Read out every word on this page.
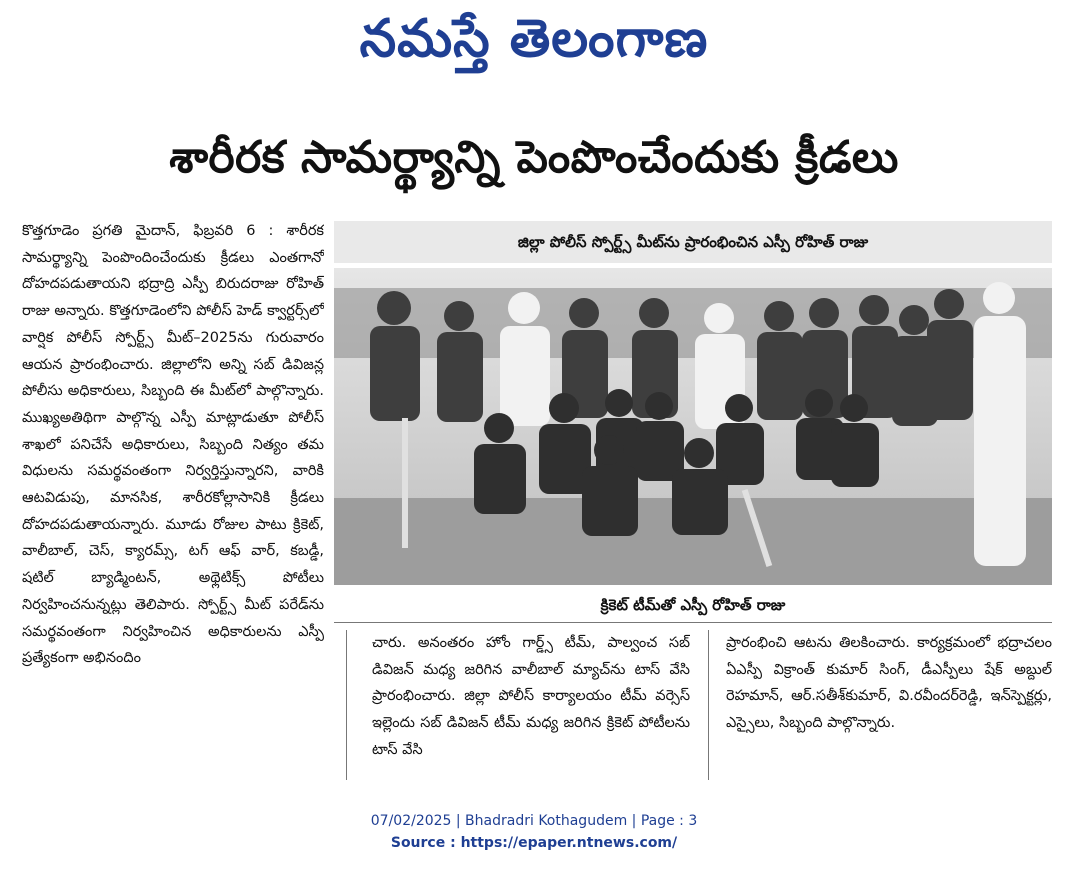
నమస్తే తెలంగాణ
శారీరక సామర్థ్యాన్ని పెంపొంచేందుకు క్రీడలు

కొత్తగూడెం ప్రగతి మైదాన్, ఫిబ్రవరి 6 : శారీరక సామర్థ్యాన్ని పెంపొందించేందుకు క్రీడలు ఎంతగానో దోహదపడుతాయని భద్రాద్రి ఎస్పీ బిరుదరాజు రోహిత్ రాజు అన్నారు. కొత్తగూడెంలోని పోలీస్ హెడ్ క్వార్టర్స్‌లో వార్షిక పోలీస్ స్పోర్ట్స్ మీట్–2025ను గురువారం ఆయన ప్రారంభించారు. జిల్లాలోని అన్ని సబ్ డివిజన్ల పోలీసు అధికారులు, సిబ్బంది ఈ మీట్‌లో పాల్గొన్నారు. ముఖ్యఅతిథిగా పాల్గొన్న ఎస్పీ మాట్లాడుతూ పోలీస్ శాఖలో పనిచేసే అధికారులు, సిబ్బంది నిత్యం తమ విధులను సమర్థవంతంగా నిర్వర్తిస్తున్నారని, వారికి ఆటవిడుపు, మానసిక, శారీరకోల్లాసానికి క్రీడలు దోహదపడుతాయన్నారు. మూడు రోజుల పాటు క్రికెట్, వాలీబాల్, చెస్, క్యారమ్స్, టగ్ ఆఫ్ వార్, కబడ్డీ, షటిల్ బ్యాడ్మింటన్, అథ్లెటిక్స్ పోటీలు నిర్వహించనున్నట్లు తెలిపారు. స్పోర్ట్స్ మీట్ పరేడ్‌ను సమర్థవంతంగా నిర్వహించిన అధికారులను ఎస్పీ ప్రత్యేకంగా అభినందిం

జిల్లా పోలీస్ స్పోర్ట్స్ మీట్‌ను ప్రారంభించిన ఎస్పీ రోహిత్ రాజు
క్రికెట్ టీమ్‌తో ఎస్పీ రోహిత్ రాజు

చారు. అనంతరం హోం గార్డ్స్ టీమ్, పాల్వంచ సబ్ డివిజన్ మధ్య జరిగిన వాలీబాల్ మ్యాచ్‌ను టాస్ వేసి ప్రారంభించారు. జిల్లా పోలీస్ కార్యాలయం టీమ్ వర్సెస్ ఇల్లెందు సబ్ డివిజన్ టీమ్ మధ్య జరిగిన క్రికెట్ పోటీలను టాస్ వేసి

ప్రారంభించి ఆటను తిలకించారు. కార్యక్రమంలో భద్రాచలం ఏఎస్పీ విక్రాంత్ కుమార్ సింగ్, డీఎస్పీలు షేక్ అబ్దుల్ రెహమాన్, ఆర్.సతీశ్‌కుమార్, వి.రవీందర్‌రెడ్డి, ఇన్‌స్పెక్టర్లు, ఎస్సైలు, సిబ్బంది పాల్గొన్నారు.

07/02/2025 | Bhadradri Kothagudem | Page : 3
Source : https://epaper.ntnews.com/
